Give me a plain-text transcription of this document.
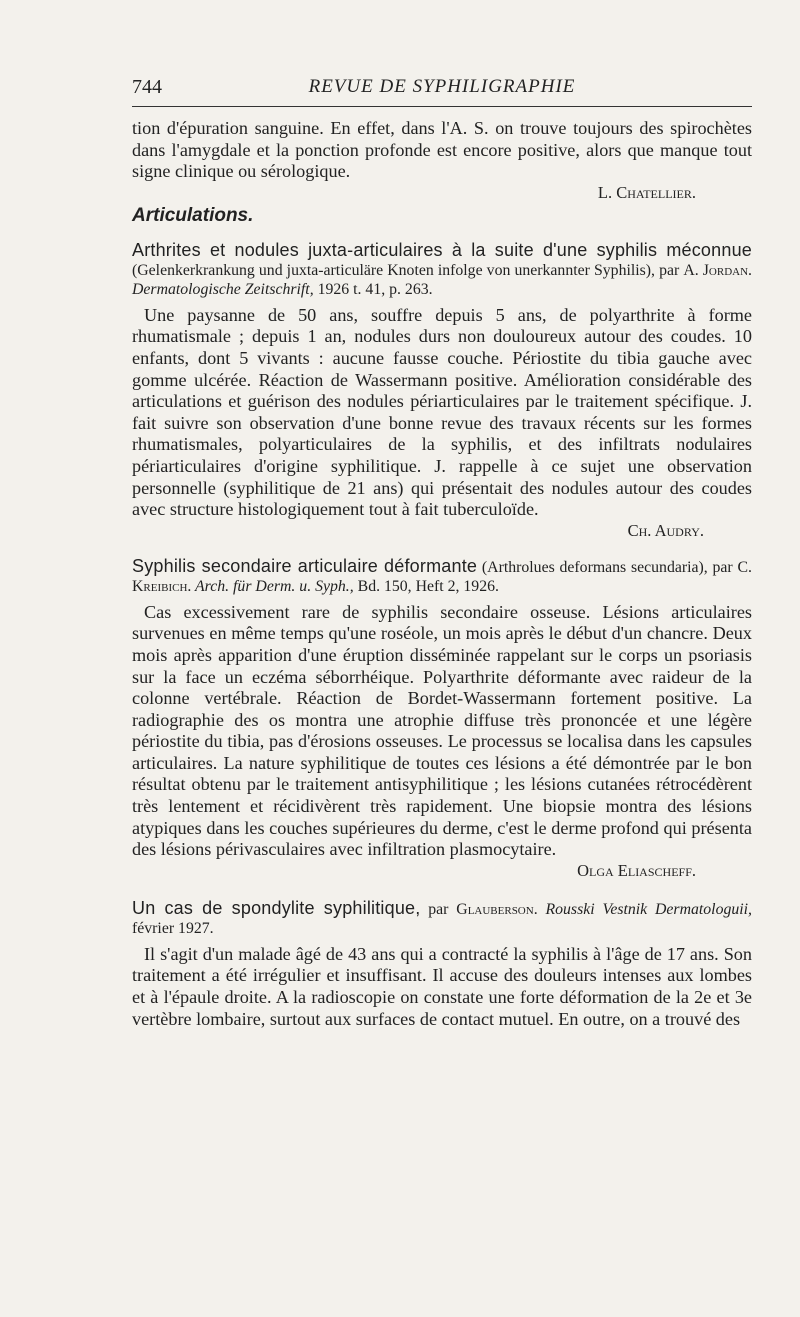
744	REVUE DE SYPHILIGRAPHIE

tion d'épuration sanguine. En effet, dans l'A. S. on trouve toujours des spirochètes dans l'amygdale et la ponction profonde est encore positive, alors que manque tout signe clinique ou sérologique.

L. Chatellier.

Articulations.

Arthrites et nodules juxta-articulaires à la suite d'une syphilis méconnue (Gelenkerkrankung und juxta-articuläre Knoten infolge von unerkannter Syphilis), par A. Jordan. Dermatologische Zeitschrift, 1926 t. 41, p. 263.

Une paysanne de 50 ans, souffre depuis 5 ans, de polyarthrite à forme rhumatismale ; depuis 1 an, nodules durs non douloureux autour des coudes. 10 enfants, dont 5 vivants : aucune fausse couche. Périostite du tibia gauche avec gomme ulcérée. Réaction de Wassermann positive. Amélioration considérable des articulations et guérison des nodules périarticulaires par le traitement spécifique. J. fait suivre son observation d'une bonne revue des travaux récents sur les formes rhumatismales, polyarticulaires de la syphilis, et des infiltrats nodulaires périarticulaires d'origine syphilitique. J. rappelle à ce sujet une observation personnelle (syphilitique de 21 ans) qui présentait des nodules autour des coudes avec structure histologiquement tout à fait tuberculoïde.

Ch. Audry.

Syphilis secondaire articulaire déformante (Arthrolues deformans secundaria), par C. Kreibich. Arch. für Derm. u. Syph., Bd. 150, Heft 2, 1926.

Cas excessivement rare de syphilis secondaire osseuse. Lésions articulaires survenues en même temps qu'une roséole, un mois après le début d'un chancre. Deux mois après apparition d'une éruption disséminée rappelant sur le corps un psoriasis sur la face un eczéma séborrhéique. Polyarthrite déformante avec raideur de la colonne vertébrale. Réaction de Bordet-Wassermann fortement positive. La radiographie des os montra une atrophie diffuse très prononcée et une légère périostite du tibia, pas d'érosions osseuses. Le processus se localisa dans les capsules articulaires. La nature syphilitique de toutes ces lésions a été démontrée par le bon résultat obtenu par le traitement antisyphilitique ; les lésions cutanées rétrocédèrent très lentement et récidivèrent très rapidement. Une biopsie montra des lésions atypiques dans les couches supérieures du derme, c'est le derme profond qui présenta des lésions périvasculaires avec infiltration plasmocytaire.

Olga Eliascheff.

Un cas de spondylite syphilitique, par Glauberson. Rousski Vestnik Dermatologuii, février 1927.

Il s'agit d'un malade âgé de 43 ans qui a contracté la syphilis à l'âge de 17 ans. Son traitement a été irrégulier et insuffisant. Il accuse des douleurs intenses aux lombes et à l'épaule droite. A la radioscopie on constate une forte déformation de la 2e et 3e vertèbre lombaire, surtout aux surfaces de contact mutuel. En outre, on a trouvé des
